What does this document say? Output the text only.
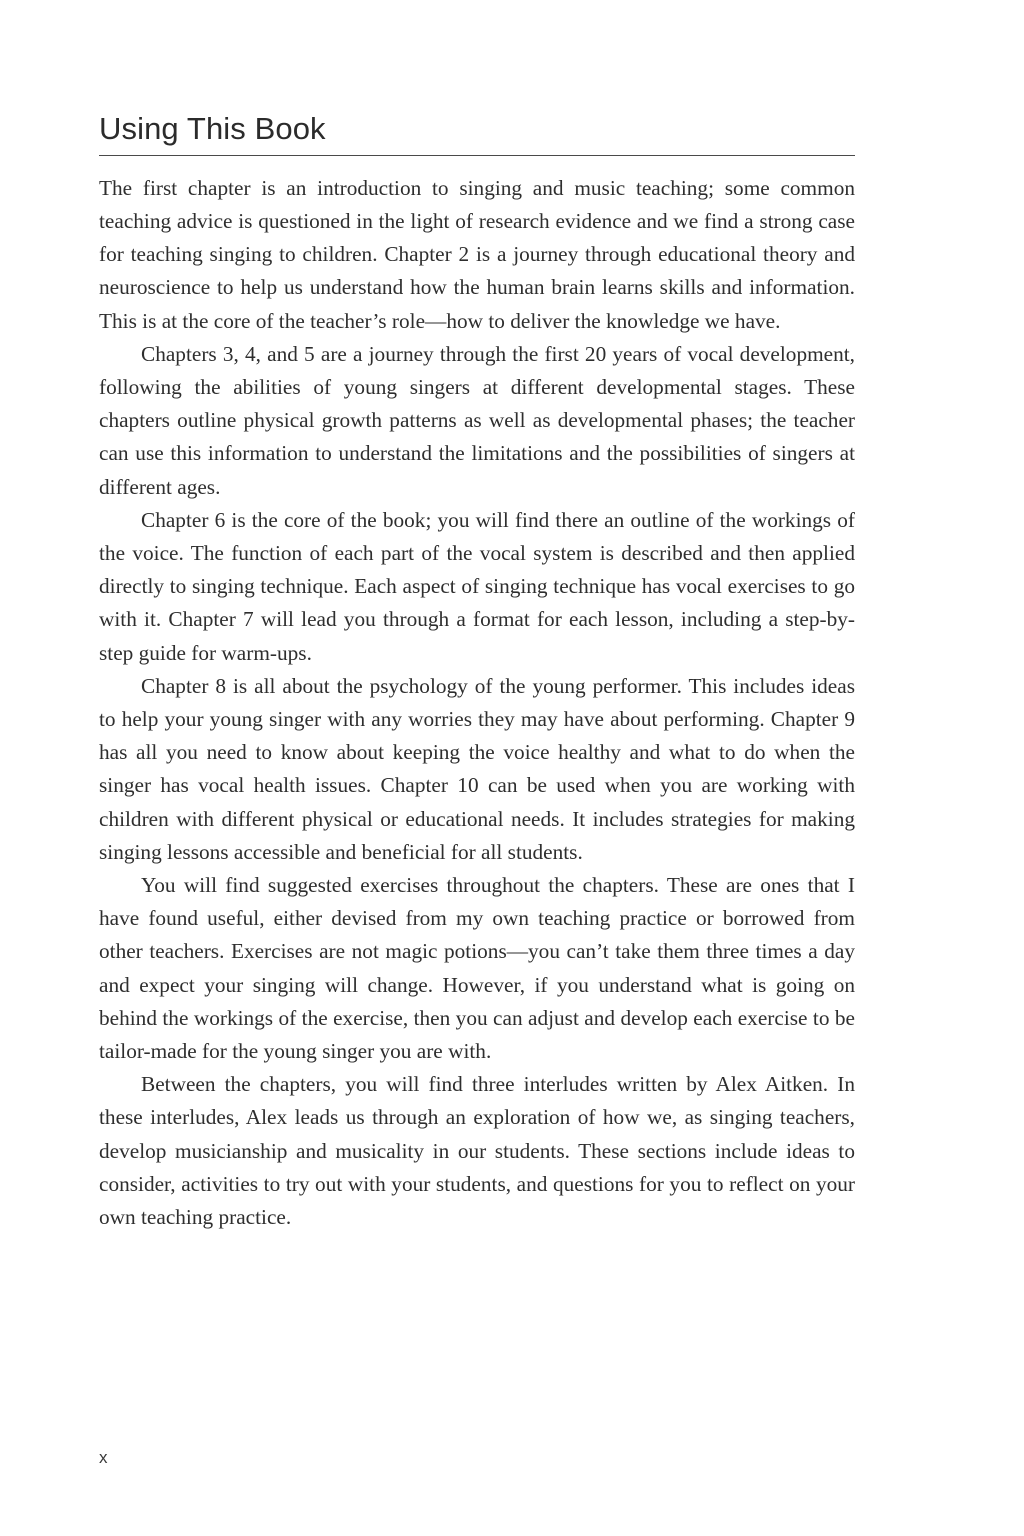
Using This Book

The first chapter is an introduction to singing and music teaching; some common teaching advice is questioned in the light of research evidence and we find a strong case for teaching singing to children. Chapter 2 is a journey through educational theory and neuroscience to help us understand how the human brain learns skills and information. This is at the core of the teacher’s role—how to deliver the knowledge we have.

Chapters 3, 4, and 5 are a journey through the first 20 years of vocal development, following the abilities of young singers at different developmental stages. These chapters outline physical growth patterns as well as developmental phases; the teacher can use this information to understand the limitations and the possibilities of singers at different ages.

Chapter 6 is the core of the book; you will find there an outline of the workings of the voice. The function of each part of the vocal system is described and then applied directly to singing technique. Each aspect of singing technique has vocal exercises to go with it. Chapter 7 will lead you through a format for each lesson, including a step-by-step guide for warm-ups.

Chapter 8 is all about the psychology of the young performer. This includes ideas to help your young singer with any worries they may have about performing. Chapter 9 has all you need to know about keeping the voice healthy and what to do when the singer has vocal health issues. Chapter 10 can be used when you are working with children with different physical or educational needs. It includes strategies for making singing lessons accessible and beneficial for all students.

You will find suggested exercises throughout the chapters. These are ones that I have found useful, either devised from my own teaching practice or borrowed from other teachers. Exercises are not magic potions—you can’t take them three times a day and expect your singing will change. However, if you understand what is going on behind the workings of the exercise, then you can adjust and develop each exercise to be tailor-made for the young singer you are with.

Between the chapters, you will find three interludes written by Alex Aitken. In these interludes, Alex leads us through an exploration of how we, as singing teachers, develop musicianship and musicality in our students. These sections include ideas to consider, activities to try out with your students, and questions for you to reflect on your own teaching practice.

x
